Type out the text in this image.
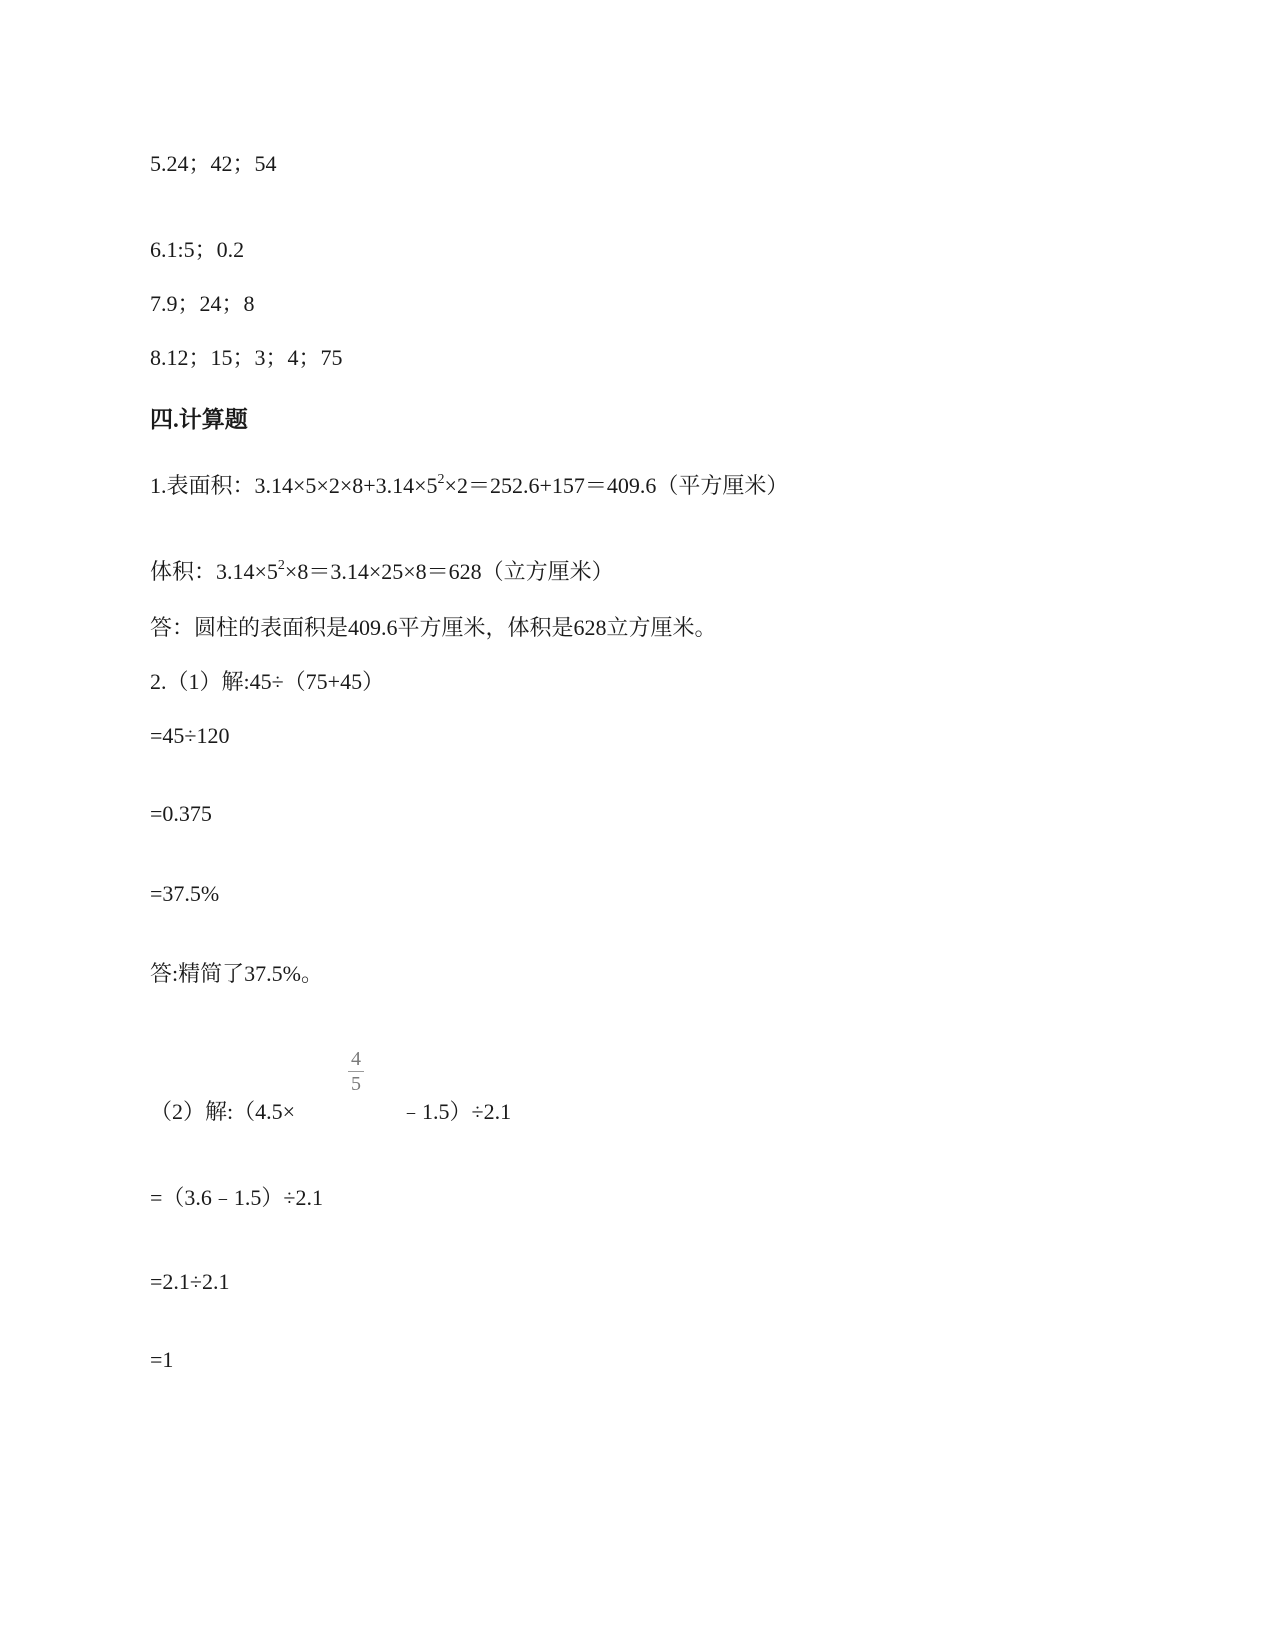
5.24；42；54
6.1:5；0.2
7.9；24；8
8.12；15；3；4；75
四.计算题
1.表面积：$3.14\times 5\times 2\times 8+3.14\times 5^2\times 2=252.6+157=409.6$（平方厘米）
体积：$3.14\times 5^2\times 8=3.14\times 25\times 8=628$（立方厘米）
答：圆柱的表面积是409.6平方厘米，体积是628立方厘米。
2.（1）解:45÷（75+45）
=45÷120
=0.375
=37.5%
答:精简了37.5%。
（2）解:（4.5×
4
5
﹣1.5）÷2.1
=（3.6﹣1.5）÷2.1
=2.1÷2.1
=1
